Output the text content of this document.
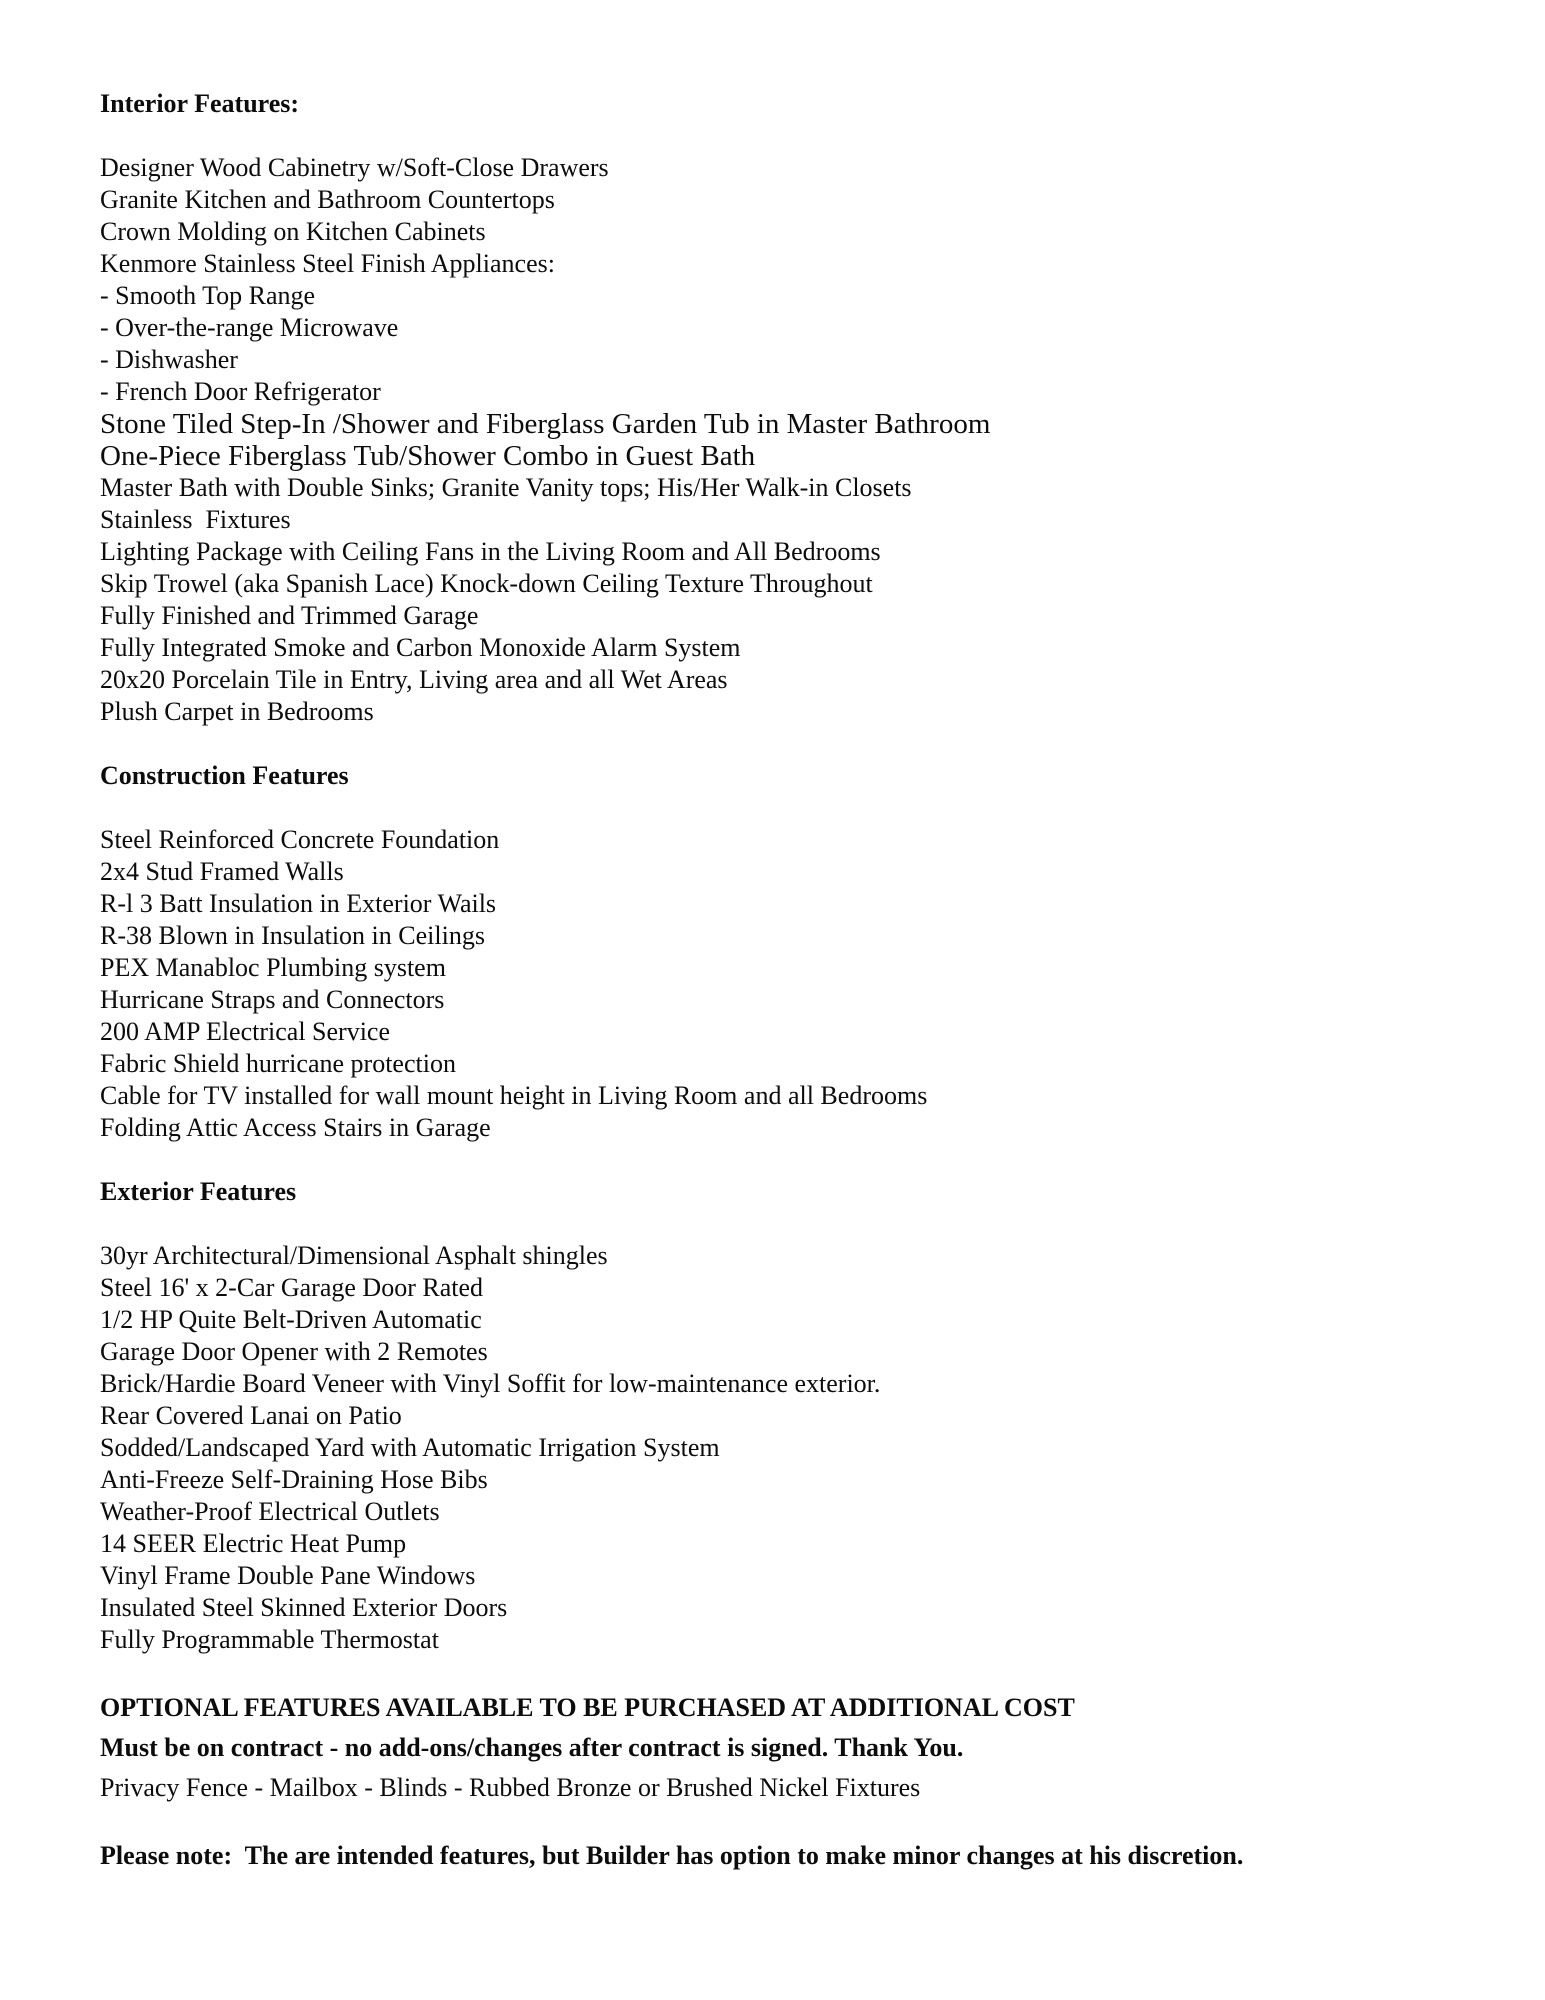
Interior Features:
Designer Wood Cabinetry w/Soft-Close Drawers
Granite Kitchen and Bathroom Countertops
Crown Molding on Kitchen Cabinets
Kenmore Stainless Steel Finish Appliances:
- Smooth Top Range
- Over-the-range Microwave
- Dishwasher
- French Door Refrigerator
Stone Tiled Step-In /Shower and Fiberglass Garden Tub in Master Bathroom
One-Piece Fiberglass Tub/Shower Combo in Guest Bath
Master Bath with Double Sinks; Granite Vanity tops; His/Her Walk-in Closets
Stainless  Fixtures
Lighting Package with Ceiling Fans in the Living Room and All Bedrooms
Skip Trowel (aka Spanish Lace) Knock-down Ceiling Texture Throughout
Fully Finished and Trimmed Garage
Fully Integrated Smoke and Carbon Monoxide Alarm System
20x20 Porcelain Tile in Entry, Living area and all Wet Areas
Plush Carpet in Bedrooms
Construction Features
Steel Reinforced Concrete Foundation
2x4 Stud Framed Walls
R-l 3 Batt Insulation in Exterior Wails
R-38 Blown in Insulation in Ceilings
PEX Manabloc Plumbing system
Hurricane Straps and Connectors
200 AMP Electrical Service
Fabric Shield hurricane protection
Cable for TV installed for wall mount height in Living Room and all Bedrooms
Folding Attic Access Stairs in Garage
Exterior Features
30yr Architectural/Dimensional Asphalt shingles
Steel 16' x 2-Car Garage Door Rated
1/2 HP Quite Belt-Driven Automatic
Garage Door Opener with 2 Remotes
Brick/Hardie Board Veneer with Vinyl Soffit for low-maintenance exterior.
Rear Covered Lanai on Patio
Sodded/Landscaped Yard with Automatic Irrigation System
Anti-Freeze Self-Draining Hose Bibs
Weather-Proof Electrical Outlets
14 SEER Electric Heat Pump
Vinyl Frame Double Pane Windows
Insulated Steel Skinned Exterior Doors
Fully Programmable Thermostat
OPTIONAL FEATURES AVAILABLE TO BE PURCHASED AT ADDITIONAL COST
Must be on contract - no add-ons/changes after contract is signed. Thank You.
Privacy Fence - Mailbox - Blinds - Rubbed Bronze or Brushed Nickel Fixtures
Please note:  The are intended features, but Builder has option to make minor changes at his discretion.
